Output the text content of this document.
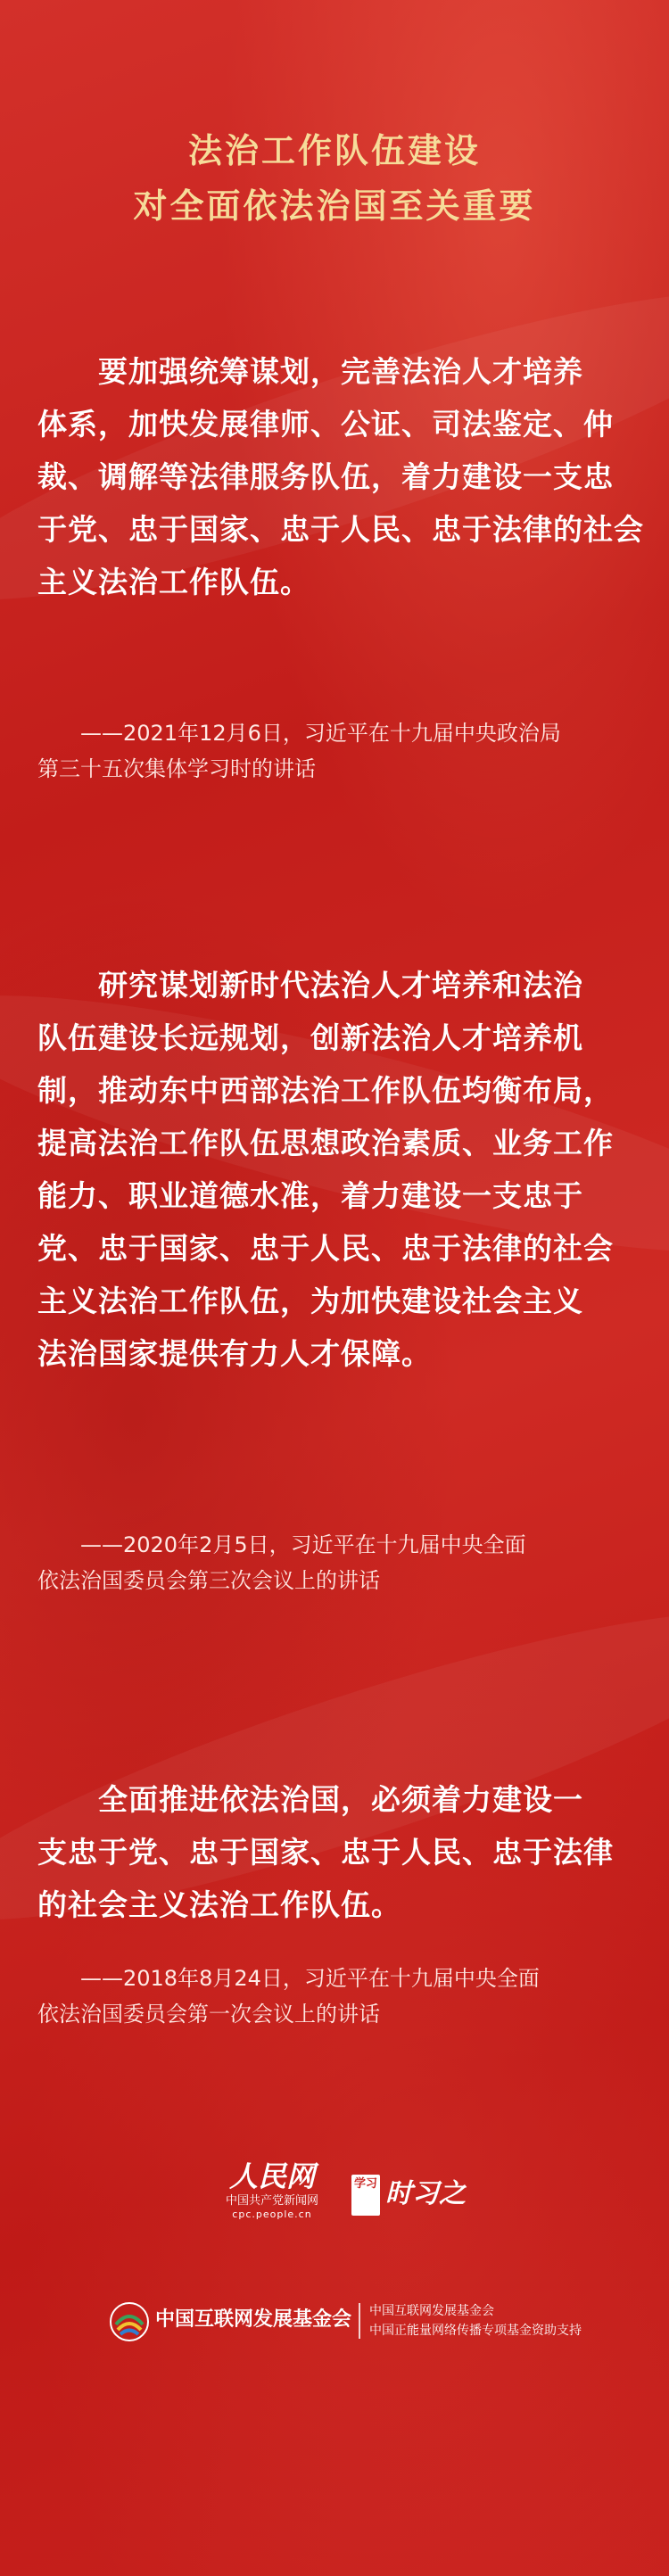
法治工作队伍建设
对全面依法治国至关重要
　　要加强统筹谋划，完善法治人才培养
体系，加快发展律师、公证、司法鉴定、仲
裁、调解等法律服务队伍，着力建设一支忠
于党、忠于国家、忠于人民、忠于法律的社会
主义法治工作队伍。
　　——2021年12月6日，习近平在十九届中央政治局
第三十五次集体学习时的讲话
　　研究谋划新时代法治人才培养和法治
队伍建设长远规划，创新法治人才培养机
制，推动东中西部法治工作队伍均衡布局，
提高法治工作队伍思想政治素质、业务工作
能力、职业道德水准，着力建设一支忠于
党、忠于国家、忠于人民、忠于法律的社会
主义法治工作队伍，为加快建设社会主义
法治国家提供有力人才保障。
　　——2020年2月5日，习近平在十九届中央全面
依法治国委员会第三次会议上的讲话
　　全面推进依法治国，必须着力建设一
支忠于党、忠于国家、忠于人民、忠于法律
的社会主义法治工作队伍。
　　——2018年8月24日，习近平在十九届中央全面
依法治国委员会第一次会议上的讲话
人民网
中国共产党新闻网
cpc.people.cn
学习 时习之
中国互联网发展基金会 中国互联网发展基金会
中国正能量网络传播专项基金资助支持
